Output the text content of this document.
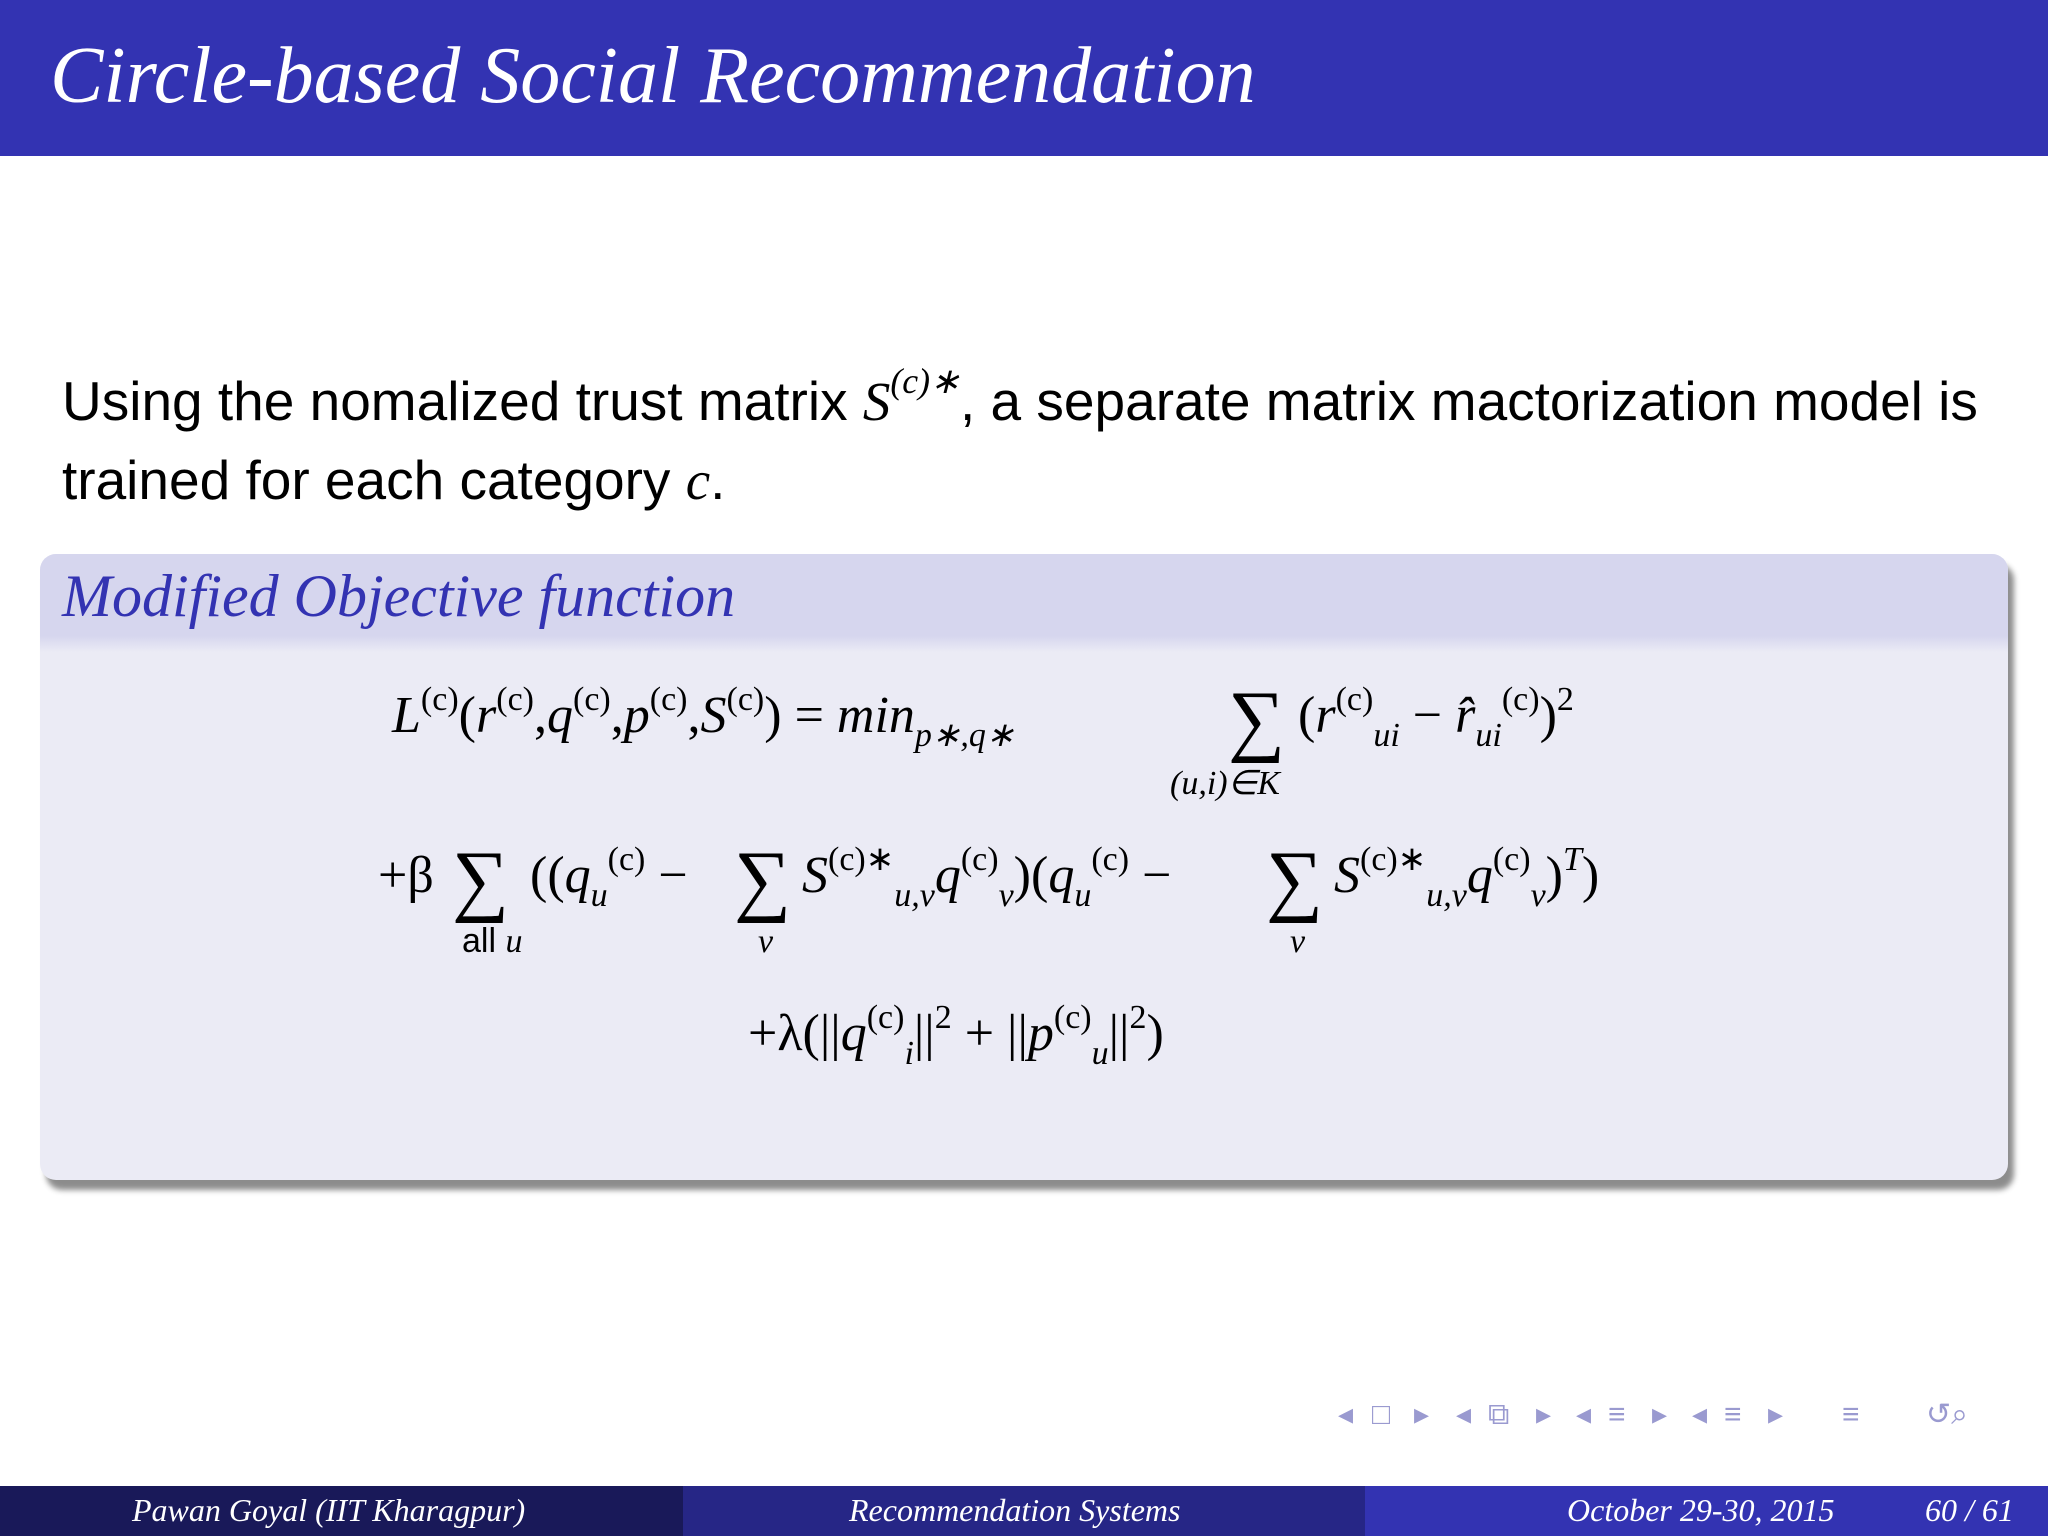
Circle-based Social Recommendation
Using the nomalized trust matrix $S^{(c)∗}$, a separate matrix mactorization model is trained for each category c.
Modified Objective function
$L^{(c)}(r^{(c)},q^{(c)},p^{(c)},S^{(c)}) = \min_{p∗,q∗}$	∑
(u,i)∈K
($r^{(c)}_{ui}$ − $r̂_{ui}^{(c)})^2$
+β ∑
all u
(($q_u^{(c)}$ − ∑
v
$S^{(c)∗}_{u,v}q^{(c)}_v)(q_u^{(c)}$ − ∑
v
$S^{(c)∗}_{u,v}q^{(c)}_v)^T$)
$+\lambda(||q^{(c)}_i||^2 + ||p^{(c)}_u||^2)$
◂ □ ▸ ◂ ⧉ ▸ ◂ ≡ ▸ ◂ ≡ ▸ ≡ ↺⌕
Pawan Goyal (IIT Kharagpur)	Recommendation Systems	October 29-30, 2015	60 / 61
